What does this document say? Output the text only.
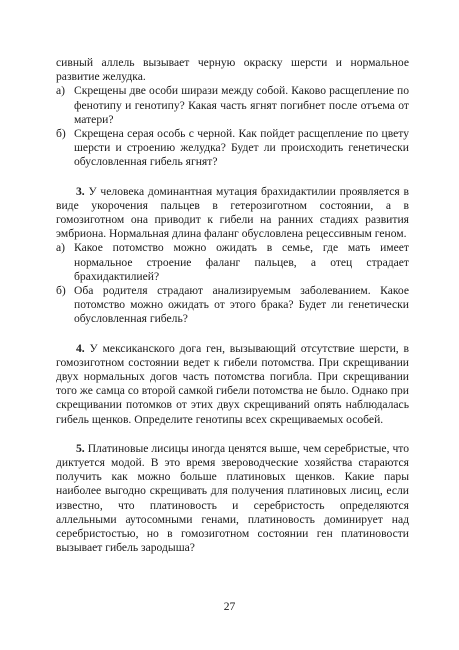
сивный аллель вызывает черную окраску шерсти и нормальное развитие желудка.

а) Скрещены две особи ширази между собой. Каково расщепление по фенотипу и генотипу? Какая часть ягнят погибнет после отъема от матери?
б) Скрещена серая особь с черной. Как пойдет расщепление по цвету шерсти и строению желудка? Будет ли происходить генетически обусловленная гибель ягнят?

3. У человека доминантная мутация брахидактилии проявляется в виде укорочения пальцев в гетерозиготном состоянии, а в гомозиготном она приводит к гибели на ранних стадиях развития эмбриона. Нормальная длина фаланг обусловлена рецессивным геном.

а) Какое потомство можно ожидать в семье, где мать имеет нормальное строение фаланг пальцев, а отец страдает брахидактилией?
б) Оба родителя страдают анализируемым заболеванием. Какое потомство можно ожидать от этого брака? Будет ли генетически обусловленная гибель?

4. У мексиканского дога ген, вызывающий отсутствие шерсти, в гомозиготном состоянии ведет к гибели потомства. При скрещивании двух нормальных догов часть потомства погибла. При скрещивании того же самца со второй самкой гибели потомства не было. Однако при скрещивании потомков от этих двух скрещиваний опять наблюдалась гибель щенков. Определите генотипы всех скрещиваемых особей.

5. Платиновые лисицы иногда ценятся выше, чем серебристые, что диктуется модой. В это время звероводческие хозяйства стараются получить как можно больше платиновых щенков. Какие пары наиболее выгодно скрещивать для получения платиновых лисиц, если известно, что платиновость и серебристость определяются аллельными аутосомными генами, платиновость доминирует над серебристостью, но в гомозиготном состоянии ген платиновости вызывает гибель зародыша?

27
